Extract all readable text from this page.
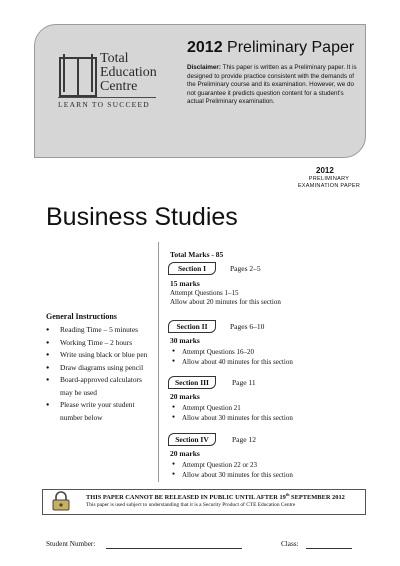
Total
Education
Centre
LEARN TO SUCCEED
2012 Preliminary Paper
Disclaimer: This paper is written as a Preliminary paper. It is designed to provide practice consistent with the demands of the Preliminary course and its examination. However, we do not guarantee it predicts question content for a student's actual Preliminary examination.
2012
PRELIMINARY
EXAMINATION PAPER
Business Studies
General Instructions
● Reading Time – 5 minutes
● Working Time – 2 hours
● Write using black or blue pen
● Draw diagrams using pencil
● Board-approved calculators may be used
● Please write your student number below
Total Marks - 85
Section I	Pages 2–5
15 marks
Attempt Questions 1–15
Allow about 20 minutes for this section
Section II	Pages 6–10
30 marks
● Attempt Questions 16–20
● Allow about 40 minutes for this section
Section III	Page 11
20 marks
● Attempt Question 21
● Allow about 30 minutes for this section
Section IV	Page 12
20 marks
● Attempt Question 22 or 23
● Allow about 30 minutes for this section
THIS PAPER CANNOT BE RELEASED IN PUBLIC UNTIL AFTER 19th SEPTEMBER 2012
This paper is used subject to understanding that it is a Security Product of CTE Education Centre
Student Number:	Class:
